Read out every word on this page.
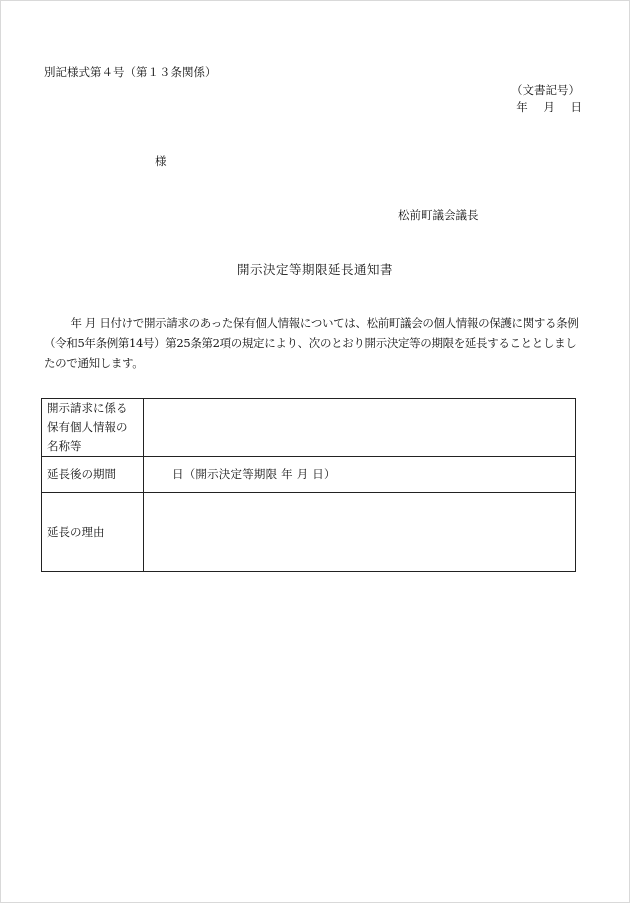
別記様式第４号（第１３条関係）
（文書記号）
年 月 日
様
松前町議会議長
開示決定等期限延長通知書
年 月 日付けで開示請求のあった保有個人情報については、松前町議会の個人情報の保護に関する条例（令和5年条例第14号）第25条第2項の規定により、次のとおり開示決定等の期限を延長することとしましたので通知します。
開示請求に係る
保有個人情報の
名称等	

延長後の期間	日（開示決定等期限 年 月 日）

延長の理由	
